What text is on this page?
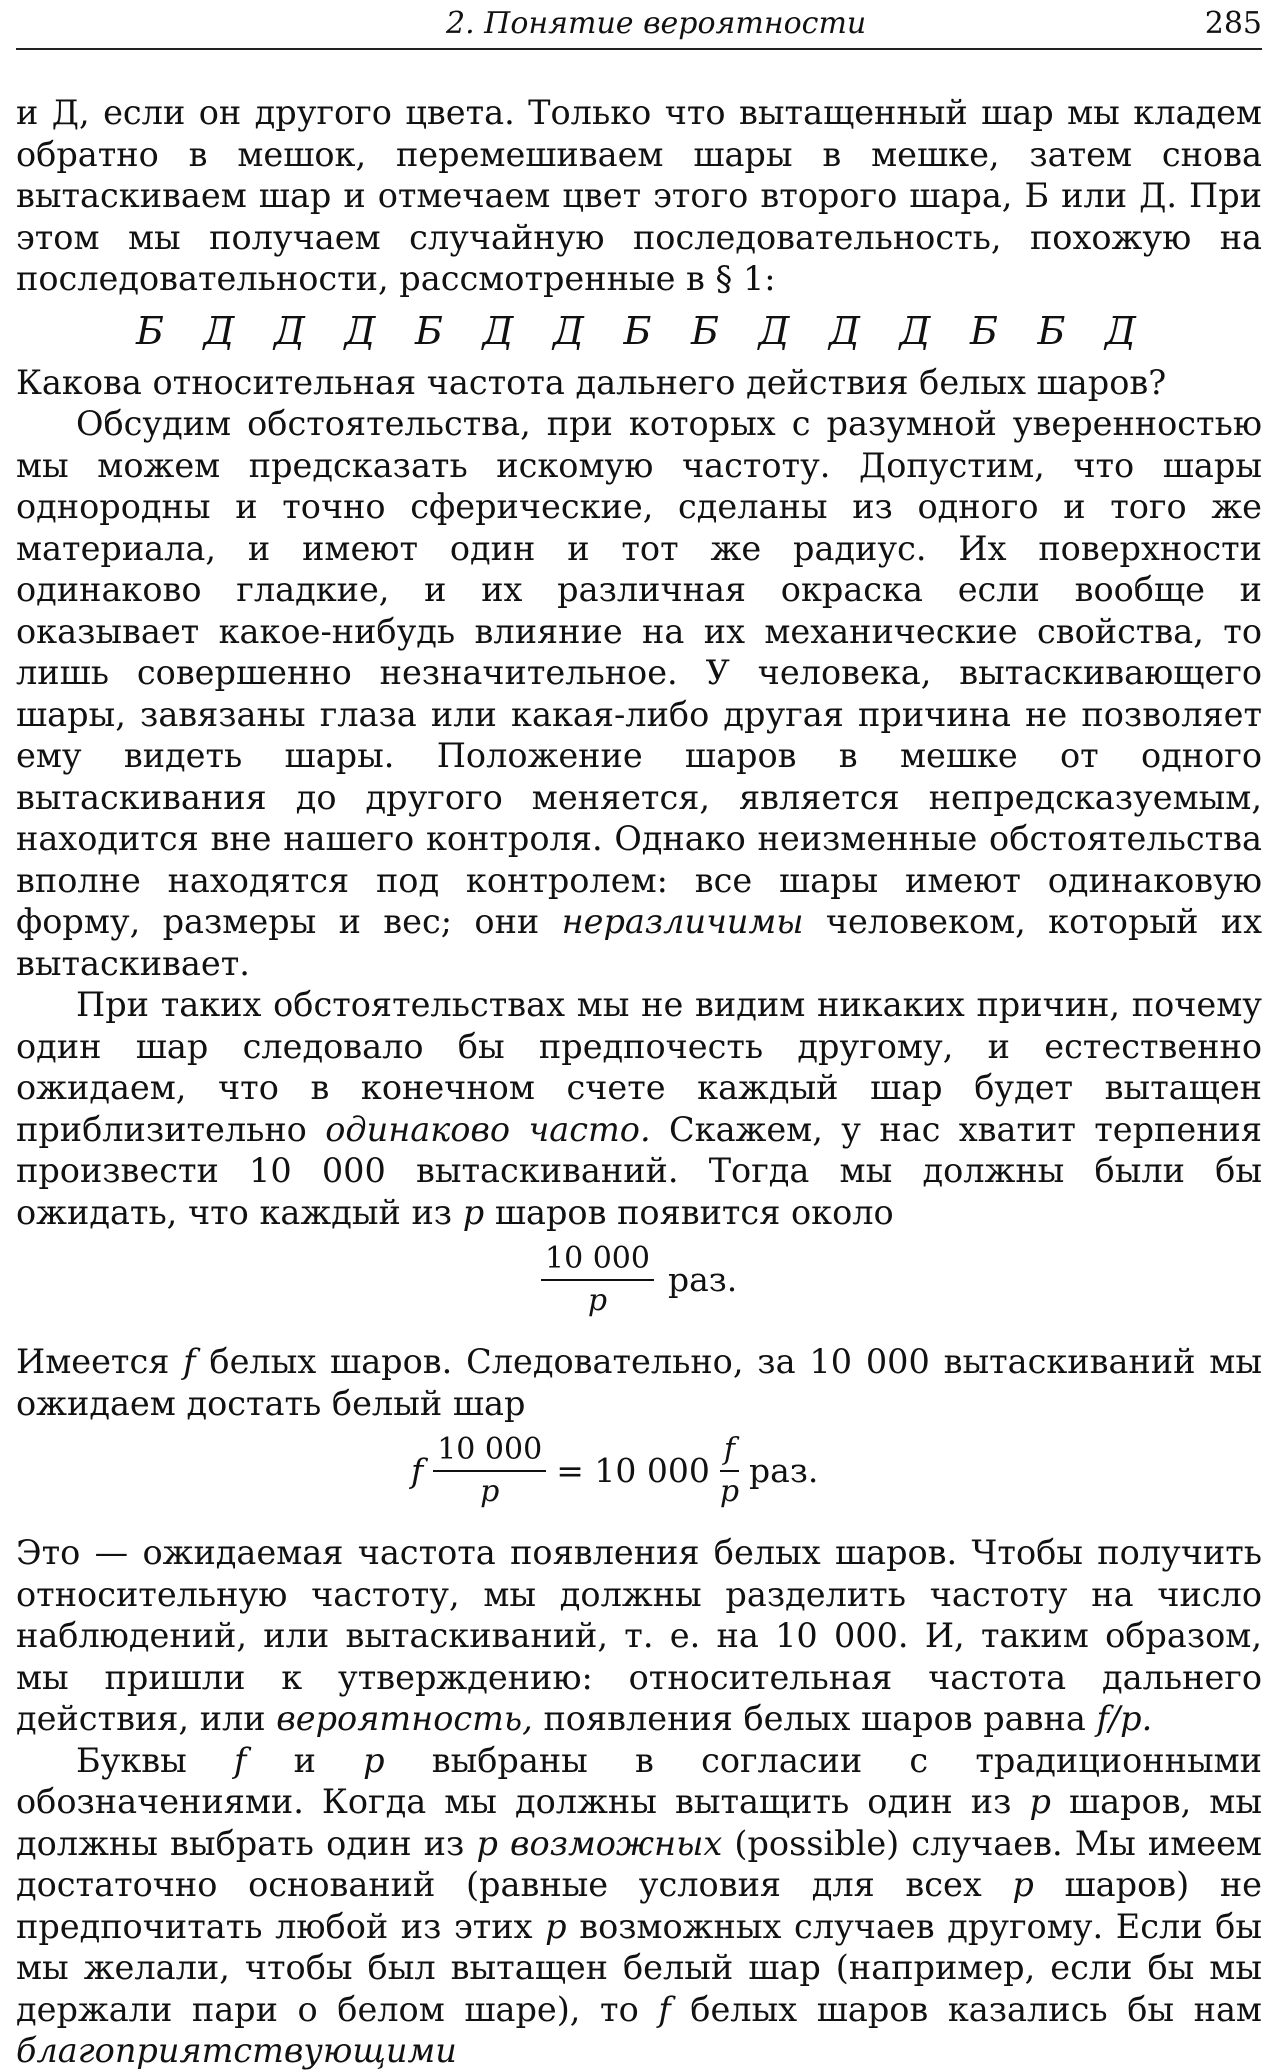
2. Понятие вероятности	285

и Д, если он другого цвета. Только что вытащенный шар мы кладем обратно в мешок, перемешиваем шары в мешке, затем снова вытаскиваем шар и отмечаем цвет этого второго шара, Б или Д. При этом мы получаем случайную последовательность, похожую на последовательности, рассмотренные в § 1:

Б Д Д Д Б Д Д Б Б Д Д Д Б Б Д

Какова относительная частота дальнего действия белых шаров?

Обсудим обстоятельства, при которых с разумной уверенностью мы можем предсказать искомую частоту. Допустим, что шары однородны и точно сферические, сделаны из одного и того же материала, и имеют один и тот же радиус. Их поверхности одинаково гладкие, и их различная окраска если вообще и оказывает какое-нибудь влияние на их механические свойства, то лишь совершенно незначительное. У человека, вытаскивающего шары, завязаны глаза или какая-либо другая причина не позволяет ему видеть шары. Положение шаров в мешке от одного вытаскивания до другого меняется, является непредсказуемым, находится вне нашего контроля. Однако неизменные обстоятельства вполне находятся под контролем: все шары имеют одинаковую форму, размеры и вес; они неразличимы человеком, который их вытаскивает.

При таких обстоятельствах мы не видим никаких причин, почему один шар следовало бы предпочесть другому, и естественно ожидаем, что в конечном счете каждый шар будет вытащен приблизительно одинаково часто. Скажем, у нас хватит терпения произвести 10 000 вытаскиваний. Тогда мы должны были бы ожидать, что каждый из p шаров появится около

$\frac{10 000}{p}$ раз.

Имеется f белых шаров. Следовательно, за 10 000 вытаскиваний мы ожидаем достать белый шар

f $\frac{10 000}{p} = 10$ $000 \frac{f}{p}$ раз.

Это — ожидаемая частота появления белых шаров. Чтобы получить относительную частоту, мы должны разделить частоту на число наблюдений, или вытаскиваний, т. е. на 10 000. И, таким образом, мы пришли к утверждению: относительная частота дальнего действия, или вероятность, появления белых шаров равна f/p.

Буквы f и p выбраны в согласии с традиционными обозначениями. Когда мы должны вытащить один из p шаров, мы должны выбрать один из p возможных (possible) случаев. Мы имеем достаточно оснований (равные условия для всех p шаров) не предпочитать любой из этих p возможных случаев другому. Если бы мы желали, чтобы был вытащен белый шар (например, если бы мы держали пари о белом шаре), то f белых шаров казались бы нам благоприятствующими
